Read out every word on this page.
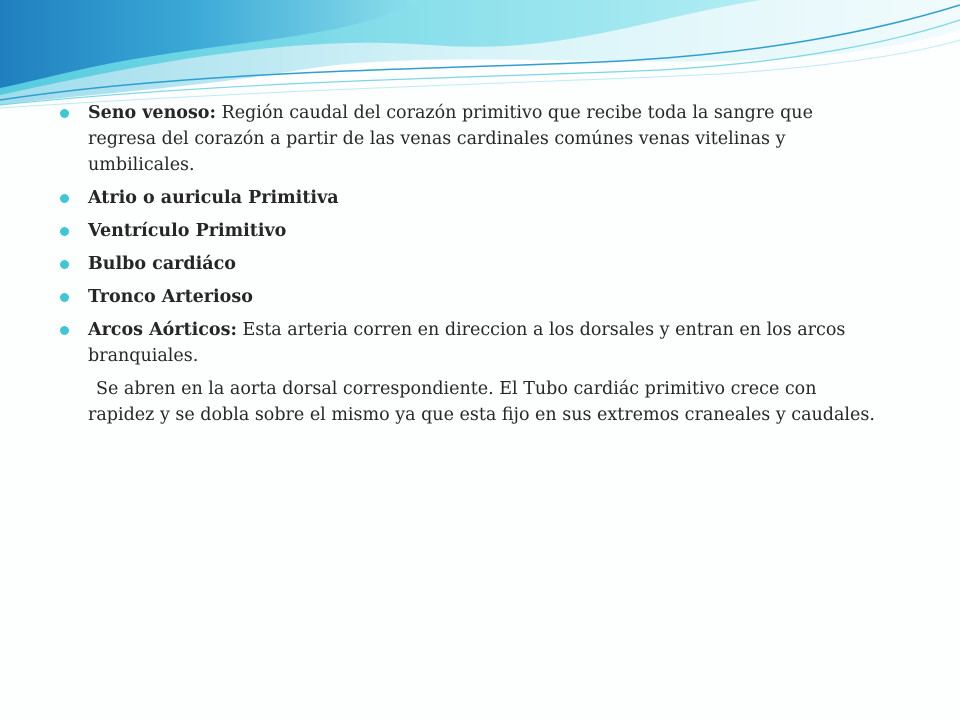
Seno venoso: Región caudal del corazón primitivo que recibe toda la sangre que regresa del corazón a partir de las venas cardinales comúnes venas vitelinas y umbilicales.
Atrio o auricula Primitiva
Ventrículo Primitivo
Bulbo cardiáco
Tronco Arterioso
Arcos Aórticos: Esta arteria corren en direccion a los dorsales y entran en los arcos branquiales.

Se abren en la aorta dorsal correspondiente. El Tubo cardiác primitivo crece con rapidez y se dobla sobre el mismo ya que esta fijo en sus extremos craneales y caudales.
